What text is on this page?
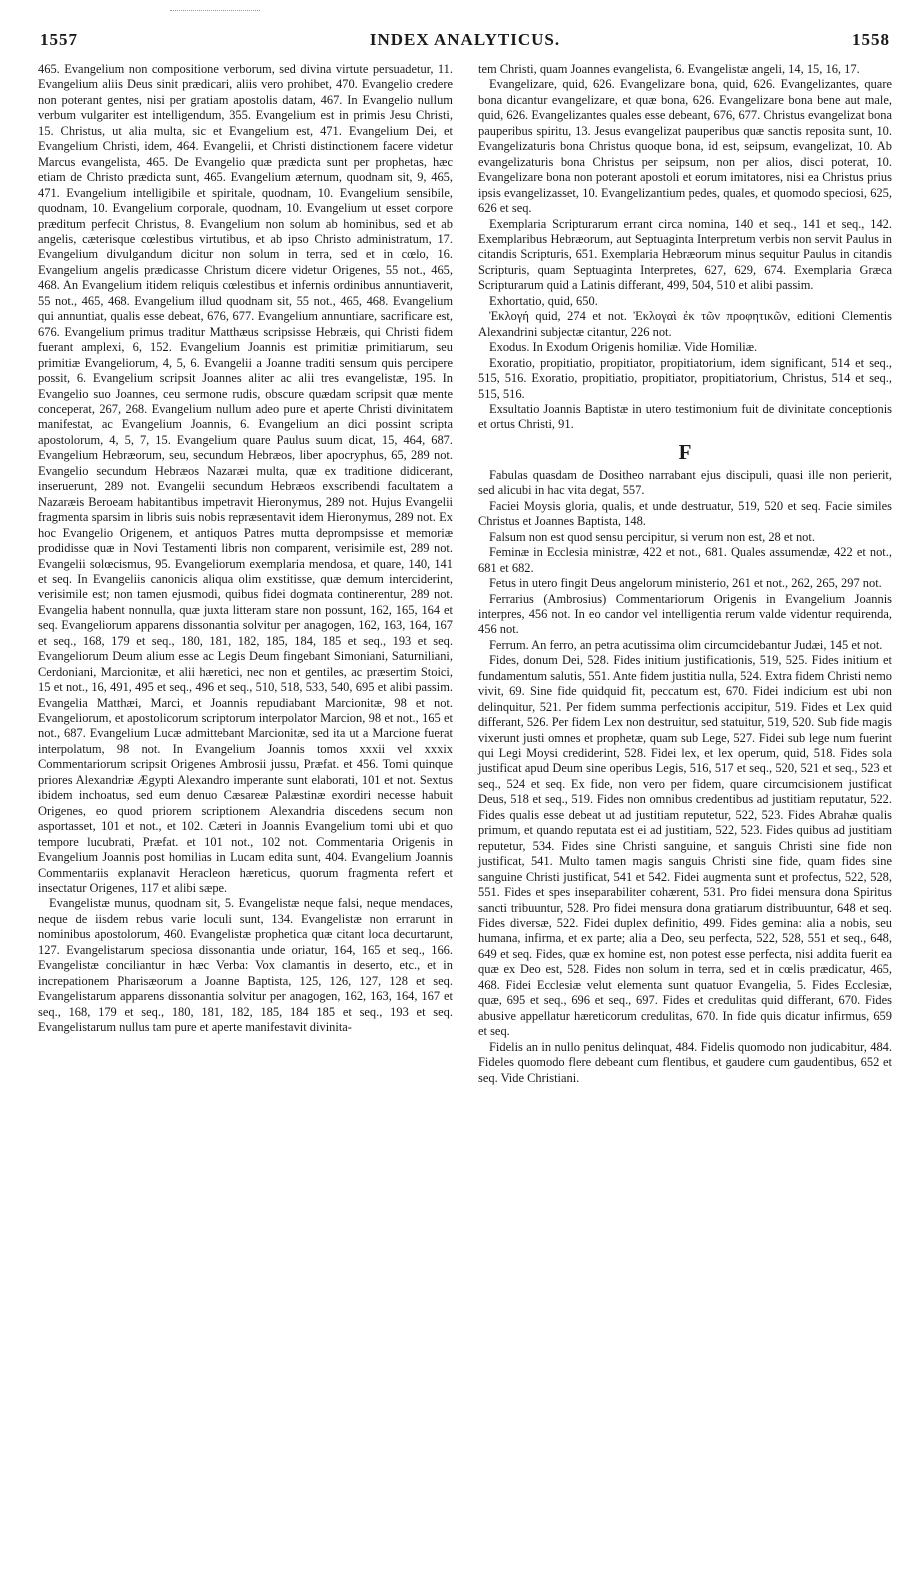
1557	INDEX ANALYTICUS.	1558

465. Evangelium non compositione verborum, sed divina virtute persuadetur, 11. Evangelium aliis Deus sinit prædicari, aliis vero prohibet, 470. Evangelio credere non poterant gentes, nisi per gratiam apostolis datam, 467. In Evangelio nullum verbum vulgariter est intelligendum, 355. Evangelium est in primis Jesu Christi, 15. Christus, ut alia multa, sic et Evangelium est, 471. Evangelium Dei, et Evangelium Christi, idem, 464. Evangelii, et Christi distinctionem facere videtur Marcus evangelista, 465. De Evangelio quæ prædicta sunt per prophetas, hæc etiam de Christo prædicta sunt, 465. Evangelium æternum, quodnam sit, 9, 465, 471. Evangelium intelligibile et spiritale, quodnam, 10. Evangelium sensibile, quodnam, 10. Evangelium corporale, quodnam, 10. Evangelium ut esset corpore præditum perfecit Christus, 8. Evangelium non solum ab hominibus, sed et ab angelis, cæterisque cœlestibus virtutibus, et ab ipso Christo administratum, 17. Evangelium divulgandum dicitur non solum in terra, sed et in cœlo, 16. Evangelium angelis prædicasse Christum dicere videtur Origenes, 55 not., 465, 468. An Evangelium itidem reliquis cœlestibus et infernis ordinibus annuntiaverit, 55 not., 465, 468. Evangelium illud quodnam sit, 55 not., 465, 468. Evangelium qui annuntiat, qualis esse debeat, 676, 677. Evangelium annuntiare, sacrificare est, 676. Evangelium primus traditur Matthæus scripsisse Hebræis, qui Christi fidem fuerant amplexi, 6, 152. Evangelium Joannis est primitiæ primitiarum, seu primitiæ Evangeliorum, 4, 5, 6. Evangelii a Joanne traditi sensum quis percipere possit, 6. Evangelium scripsit Joannes aliter ac alii tres evangelistæ, 195. In Evangelio suo Joannes, ceu sermone rudis, obscure quædam scripsit quæ mente conceperat, 267, 268. Evangelium nullum adeo pure et aperte Christi divinitatem manifestat, ac Evangelium Joannis, 6. Evangelium an dici possint scripta apostolorum, 4, 5, 7, 15. Evangelium quare Paulus suum dicat, 15, 464, 687. Evangelium Hebræorum, seu, secundum Hebræos, liber apocryphus, 65, 289 not. Evangelio secundum Hebræos Nazaræi multa, quæ ex traditione didicerant, inseruerunt, 289 not. Evangelii secundum Hebræos exscribendi facultatem a Nazaræis Beroeam habitantibus impetravit Hieronymus, 289 not. Hujus Evangelii fragmenta sparsim in libris suis nobis repræsentavit idem Hieronymus, 289 not. Ex hoc Evangelio Origenem, et antiquos Patres mutta deprompsisse et memoriæ prodidisse quæ in Novi Testamenti libris non comparent, verisimile est, 289 not. Evangelii solœcismus, 95. Evangeliorum exemplaria mendosa, et quare, 140, 141 et seq. In Evangeliis canonicis aliqua olim exstitisse, quæ demum interciderint, verisimile est; non tamen ejusmodi, quibus fidei dogmata continerentur, 289 not. Evangelia habent nonnulla, quæ juxta litteram stare non possunt, 162, 165, 164 et seq. Evangeliorum apparens dissonantia solvitur per anagogen, 162, 163, 164, 167 et seq., 168, 179 et seq., 180, 181, 182, 185, 184, 185 et seq., 193 et seq. Evangeliorum Deum alium esse ac Legis Deum fingebant Simoniani, Saturniliani, Cerdoniani, Marcionitæ, et alii hæretici, nec non et gentiles, ac præsertim Stoici, 15 et not., 16, 491, 495 et seq., 496 et seq., 510, 518, 533, 540, 695 et alibi passim. Evangelia Matthæi, Marci, et Joannis repudiabant Marcionitæ, 98 et not. Evangeliorum, et apostolicorum scriptorum interpolator Marcion, 98 et not., 165 et not., 687. Evangelium Lucæ admittebant Marcionitæ, sed ita ut a Marcione fuerat interpolatum, 98 not. In Evangelium Joannis tomos xxxii vel xxxix Commentariorum scripsit Origenes Ambrosii jussu, Præfat. et 456. Tomi quinque priores Alexandriæ Ægypti Alexandro imperante sunt elaborati, 101 et not. Sextus ibidem inchoatus, sed eum denuo Cæsareæ Palæstinæ exordiri necesse habuit Origenes, eo quod priorem scriptionem Alexandria discedens secum non asportasset, 101 et not., et 102. Cæteri in Joannis Evangelium tomi ubi et quo tempore lucubrati, Præfat. et 101 not., 102 not. Commentaria Origenis in Evangelium Joannis post homilias in Lucam edita sunt, 404. Evangelium Joannis Commentariis explanavit Heracleon hæreticus, quorum fragmenta refert et insectatur Origenes, 117 et alibi sæpe.

Evangelistæ munus, quodnam sit, 5. Evangelistæ neque falsi, neque mendaces, neque de iisdem rebus varie loculi sunt, 134. Evangelistæ non errarunt in nominibus apostolorum, 460. Evangelistæ prophetica quæ citant loca decurtarunt, 127. Evangelistarum speciosa dissonantia unde oriatur, 164, 165 et seq., 166. Evangelistæ conciliantur in hæc Verba: Vox clamantis in deserto, etc., et in increpationem Pharisæorum a Joanne Baptista, 125, 126, 127, 128 et seq. Evangelistarum apparens dissonantia solvitur per anagogen, 162, 163, 164, 167 et seq., 168, 179 et seq., 180, 181, 182, 185, 184 185 et seq., 193 et seq. Evangelistarum nullus tam pure et aperte manifestavit divinita-

tem Christi, quam Joannes evangelista, 6. Evangelistæ angeli, 14, 15, 16, 17.

Evangelizare, quid, 626. Evangelizare bona, quid, 626. Evangelizantes, quare bona dicantur evangelizare, et quæ bona, 626. Evangelizare bona bene aut male, quid, 626. Evangelizantes quales esse debeant, 676, 677. Christus evangelizat bona pauperibus spiritu, 13. Jesus evangelizat pauperibus quæ sanctis reposita sunt, 10. Evangelizaturis bona Christus quoque bona, id est, seipsum, evangelizat, 10. Ab evangelizaturis bona Christus per seipsum, non per alios, disci poterat, 10. Evangelizare bona non poterant apostoli et eorum imitatores, nisi ea Christus prius ipsis evangelizasset, 10. Evangelizantium pedes, quales, et quomodo speciosi, 625, 626 et seq.

Exemplaria Scripturarum errant circa nomina, 140 et seq., 141 et seq., 142. Exemplaribus Hebræorum, aut Septuaginta Interpretum verbis non servit Paulus in citandis Scripturis, 651. Exemplaria Hebræorum minus sequitur Paulus in citandis Scripturis, quam Septuaginta Interpretes, 627, 629, 674. Exemplaria Græca Scripturarum quid a Latinis differant, 499, 504, 510 et alibi passim.

Exhortatio, quid, 650.

Ἐκλογή quid, 274 et not. Ἐκλογαὶ ἐκ τῶν προφητικῶν, editioni Clementis Alexandrini subjectæ citantur, 226 not.

Exodus. In Exodum Origenis homiliæ. Vide Homiliæ.

Exoratio, propitiatio, propitiator, propitiatorium, idem significant, 514 et seq., 515, 516. Exoratio, propitiatio, propitiator, propitiatorium, Christus, 514 et seq., 515, 516.

Exsultatio Joannis Baptistæ in utero testimonium fuit de divinitate conceptionis et ortus Christi, 91.

F

Fabulas quasdam de Dositheo narrabant ejus discipuli, quasi ille non perierit, sed alicubi in hac vita degat, 557.

Faciei Moysis gloria, qualis, et unde destruatur, 519, 520 et seq. Facie similes Christus et Joannes Baptista, 148.

Falsum non est quod sensu percipitur, si verum non est, 28 et not.

Feminæ in Ecclesia ministræ, 422 et not., 681. Quales assumendæ, 422 et not., 681 et 682.

Fetus in utero fingit Deus angelorum ministerio, 261 et not., 262, 265, 297 not.

Ferrarius (Ambrosius) Commentariorum Origenis in Evangelium Joannis interpres, 456 not. In eo candor vel intelligentia rerum valde videntur requirenda, 456 not.

Ferrum. An ferro, an petra acutissima olim circumcidebantur Judæi, 145 et not.

Fides, donum Dei, 528. Fides initium justificationis, 519, 525. Fides initium et fundamentum salutis, 551. Ante fidem justitia nulla, 524. Extra fidem Christi nemo vivit, 69. Sine fide quidquid fit, peccatum est, 670. Fidei indicium est ubi non delinquitur, 521. Per fidem summa perfectionis accipitur, 519. Fides et Lex quid differant, 526. Per fidem Lex non destruitur, sed statuitur, 519, 520. Sub fide magis vixerunt justi omnes et prophetæ, quam sub Lege, 527. Fidei sub lege num fuerint qui Legi Moysi crediderint, 528. Fidei lex, et lex operum, quid, 518. Fides sola justificat apud Deum sine operibus Legis, 516, 517 et seq., 520, 521 et seq., 523 et seq., 524 et seq. Ex fide, non vero per fidem, quare circumcisionem justificat Deus, 518 et seq., 519. Fides non omnibus credentibus ad justitiam reputatur, 522. Fides qualis esse debeat ut ad justitiam reputetur, 522, 523. Fides Abrahæ qualis primum, et quando reputata est ei ad justitiam, 522, 523. Fides quibus ad justitiam reputetur, 534. Fides sine Christi sanguine, et sanguis Christi sine fide non justificat, 541. Multo tamen magis sanguis Christi sine fide, quam fides sine sanguine Christi justificat, 541 et 542. Fidei augmenta sunt et profectus, 522, 528, 551. Fides et spes inseparabiliter cohærent, 531. Pro fidei mensura dona Spiritus sancti tribuuntur, 528. Pro fidei mensura dona gratiarum distribuuntur, 648 et seq. Fides diversæ, 522. Fidei duplex definitio, 499. Fides gemina: alia a nobis, seu humana, infirma, et ex parte; alia a Deo, seu perfecta, 522, 528, 551 et seq., 648, 649 et seq. Fides, quæ ex homine est, non potest esse perfecta, nisi addita fuerit ea quæ ex Deo est, 528. Fides non solum in terra, sed et in cœlis prædicatur, 465, 468. Fidei Ecclesiæ velut elementa sunt quatuor Evangelia, 5. Fides Ecclesiæ, quæ, 695 et seq., 696 et seq., 697. Fides et credulitas quid differant, 670. Fides abusive appellatur hæreticorum credulitas, 670. In fide quis dicatur infirmus, 659 et seq.

Fidelis an in nullo penitus delinquat, 484. Fidelis quomodo non judicabitur, 484. Fideles quomodo flere debeant cum flentibus, et gaudere cum gaudentibus, 652 et seq. Vide Christiani.
